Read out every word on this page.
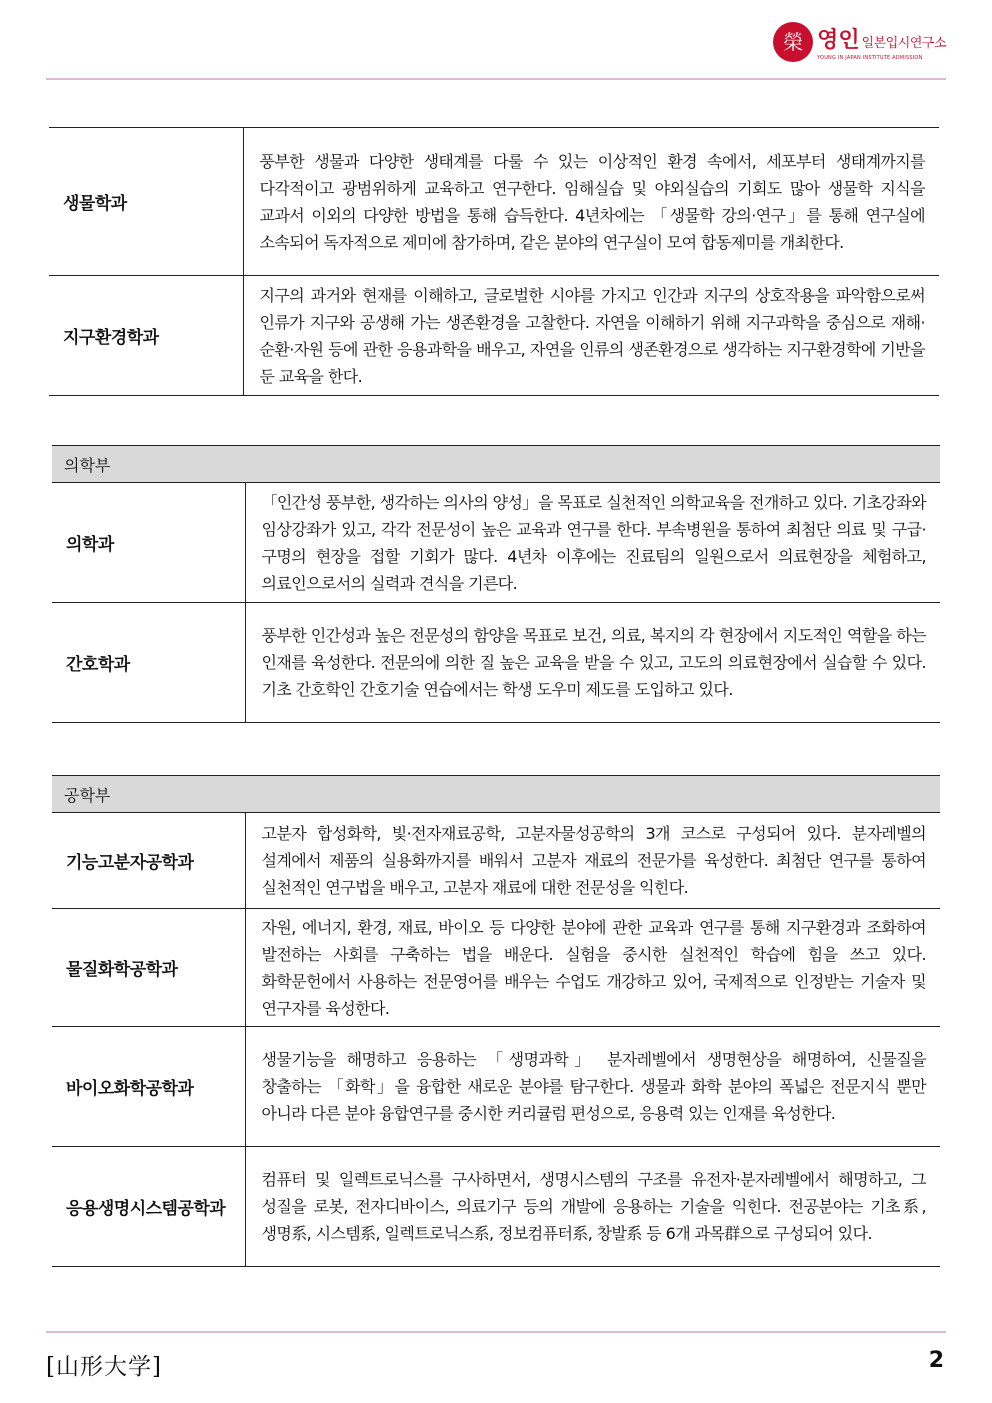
榮 영인 일본입시연구소
YOUNG IN JAPAN INSTITUTE ADMISSION
생물학과	풍부한 생물과 다양한 생태계를 다룰 수 있는 이상적인 환경 속에서, 세포부터 생태계까지를 다각적이고 광범위하게 교육하고 연구한다. 임해실습 및 야외실습의 기회도 많아 생물학 지식을 교과서 이외의 다양한 방법을 통해 습득한다. 4년차에는 「생물학 강의·연구」를 통해 연구실에 소속되어 독자적으로 제미에 참가하며, 같은 분야의 연구실이 모여 합동제미를 개최한다.
지구환경학과	지구의 과거와 현재를 이해하고, 글로벌한 시야를 가지고 인간과 지구의 상호작용을 파악함으로써 인류가 지구와 공생해 가는 생존환경을 고찰한다. 자연을 이해하기 위해 지구과학을 중심으로 재해·순환·자원 등에 관한 응용과학을 배우고, 자연을 인류의 생존환경으로 생각하는 지구환경학에 기반을 둔 교육을 한다.
의학부	
의학과	「인간성 풍부한, 생각하는 의사의 양성」을 목표로 실천적인 의학교육을 전개하고 있다. 기초강좌와 임상강좌가 있고, 각각 전문성이 높은 교육과 연구를 한다. 부속병원을 통하여 최첨단 의료 및 구급·구명의 현장을 접할 기회가 많다. 4년차 이후에는 진료팀의 일원으로서 의료현장을 체험하고, 의료인으로서의 실력과 견식을 기른다.
간호학과	풍부한 인간성과 높은 전문성의 함양을 목표로 보건, 의료, 복지의 각 현장에서 지도적인 역할을 하는 인재를 육성한다. 전문의에 의한 질 높은 교육을 받을 수 있고, 고도의 의료현장에서 실습할 수 있다. 기초 간호학인 간호기술 연습에서는 학생 도우미 제도를 도입하고 있다.
공학부	
기능고분자공학과	고분자 합성화학, 빛·전자재료공학, 고분자물성공학의 3개 코스로 구성되어 있다. 분자레벨의 설계에서 제품의 실용화까지를 배워서 고분자 재료의 전문가를 육성한다. 최첨단 연구를 통하여 실천적인 연구법을 배우고, 고분자 재료에 대한 전문성을 익힌다.
물질화학공학과	자원, 에너지, 환경, 재료, 바이오 등 다양한 분야에 관한 교육과 연구를 통해 지구환경과 조화하여 발전하는 사회를 구축하는 법을 배운다. 실험을 중시한 실천적인 학습에 힘을 쓰고 있다. 화학문헌에서 사용하는 전문영어를 배우는 수업도 개강하고 있어, 국제적으로 인정받는 기술자 및 연구자를 육성한다.
바이오화학공학과	생물기능을 해명하고 응용하는 「생명과학」 분자레벨에서 생명현상을 해명하여, 신물질을 창출하는 「화학」을 융합한 새로운 분야를 탐구한다. 생물과 화학 분야의 폭넓은 전문지식 뿐만 아니라 다른 분야 융합연구를 중시한 커리큘럼 편성으로, 응용력 있는 인재를 육성한다.
응용생명시스템공학과	컴퓨터 및 일렉트로닉스를 구사하면서, 생명시스템의 구조를 유전자·분자레벨에서 해명하고, 그 성질을 로봇, 전자디바이스, 의료기구 등의 개발에 응용하는 기술을 익힌다. 전공분야는 기초系, 생명系, 시스템系, 일렉트로닉스系, 정보컴퓨터系, 창발系 등 6개 과목群으로 구성되어 있다.
[山形大学]	2
